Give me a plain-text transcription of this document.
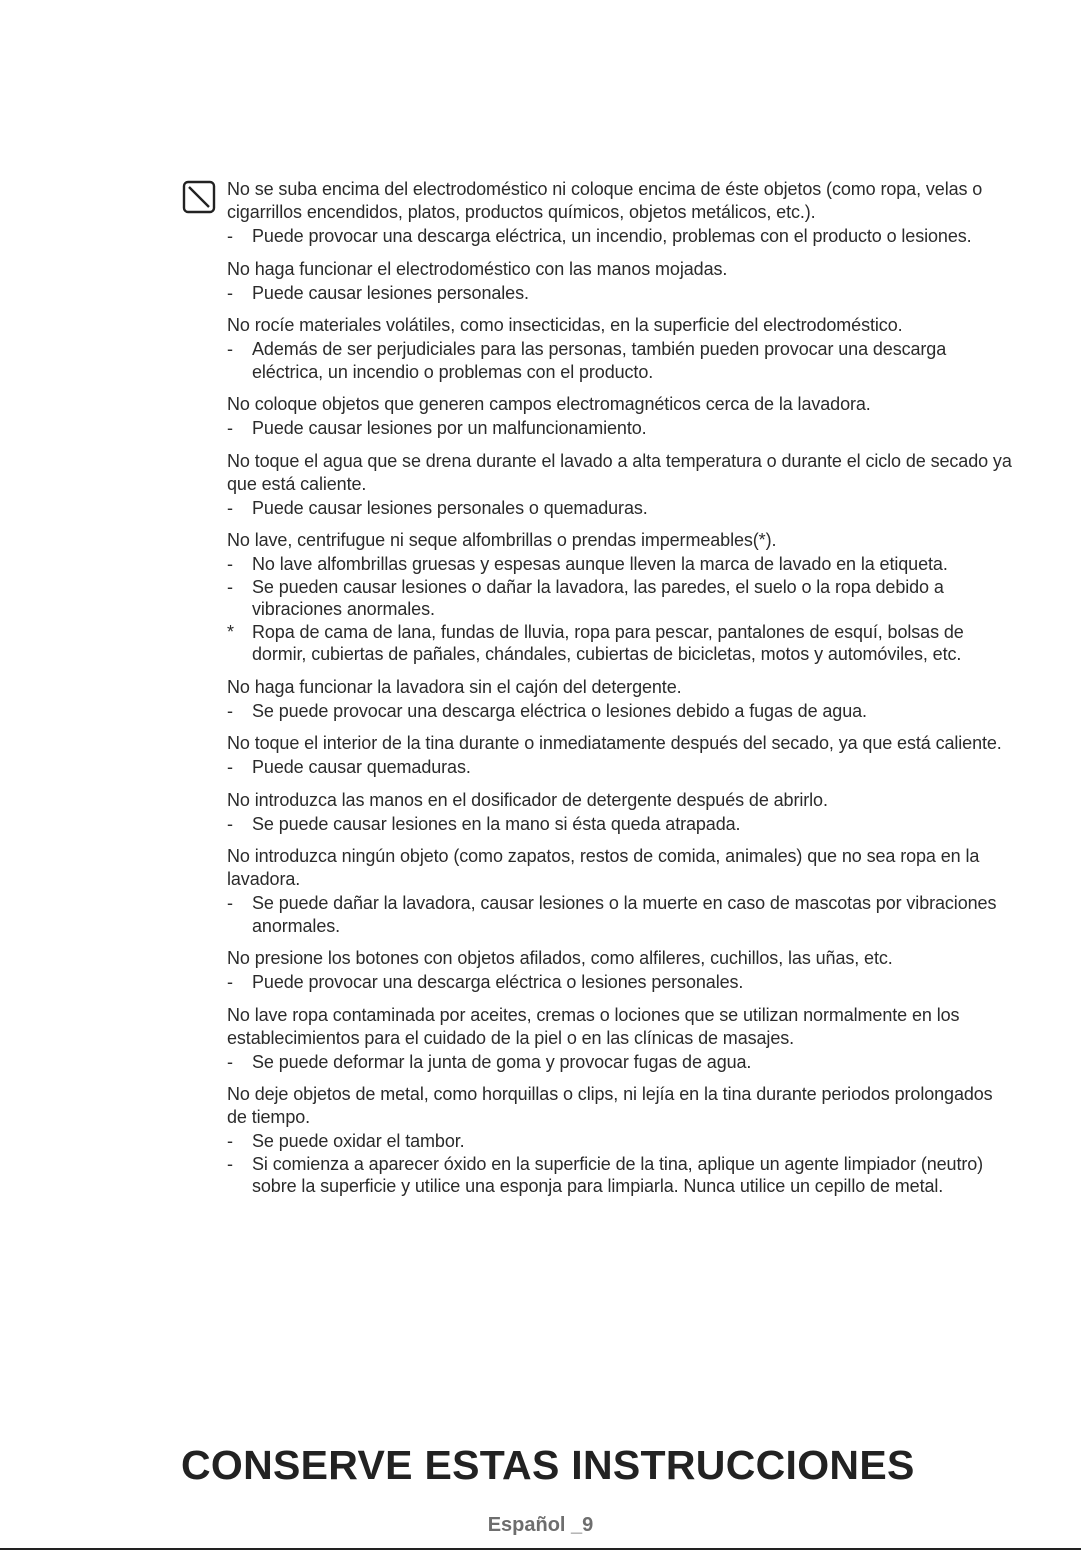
No se suba encima del electrodoméstico ni coloque encima de éste objetos (como ropa, velas o cigarrillos encendidos, platos, productos químicos, objetos metálicos, etc.).

-	Puede provocar una descarga eléctrica, un incendio, problemas con el producto o lesiones.

No haga funcionar el electrodoméstico con las manos mojadas.

-	Puede causar lesiones personales.

No rocíe materiales volátiles, como insecticidas, en la superficie del electrodoméstico.

-	Además de ser perjudiciales para las personas, también pueden provocar una descarga eléctrica, un incendio o problemas con el producto.

No coloque objetos que generen campos electromagnéticos cerca de la lavadora.

-	Puede causar lesiones por un malfuncionamiento.

No toque el agua que se drena durante el lavado a alta temperatura o durante el ciclo de secado ya que está caliente.

-	Puede causar lesiones personales o quemaduras.

No lave, centrifugue ni seque alfombrillas o prendas impermeables(*).

-	No lave alfombrillas gruesas y espesas aunque lleven la marca de lavado en la etiqueta.
-	Se pueden causar lesiones o dañar la lavadora, las paredes, el suelo o la ropa debido a vibraciones anormales.
*	Ropa de cama de lana, fundas de lluvia, ropa para pescar, pantalones de esquí, bolsas de dormir, cubiertas de pañales, chándales, cubiertas de bicicletas, motos y automóviles, etc.

No haga funcionar la lavadora sin el cajón del detergente.

-	Se puede provocar una descarga eléctrica o lesiones debido a fugas de agua.

No toque el interior de la tina durante o inmediatamente después del secado, ya que está caliente.

-	Puede causar quemaduras.

No introduzca las manos en el dosificador de detergente después de abrirlo.

-	Se puede causar lesiones en la mano si ésta queda atrapada.

No introduzca ningún objeto (como zapatos, restos de comida, animales) que no sea ropa en la lavadora.

-	Se puede dañar la lavadora, causar lesiones o la muerte en caso de mascotas por vibraciones anormales.

No presione los botones con objetos afilados, como alfileres, cuchillos, las uñas, etc.

-	Puede provocar una descarga eléctrica o lesiones personales.

No lave ropa contaminada por aceites, cremas o lociones que se utilizan normalmente en los establecimientos para el cuidado de la piel o en las clínicas de masajes.

-	Se puede deformar la junta de goma y provocar fugas de agua.

No deje objetos de metal, como horquillas o clips, ni lejía en la tina durante periodos prolongados de tiempo.

-	Se puede oxidar el tambor.
-	Si comienza a aparecer óxido en la superficie de la tina, aplique un agente limpiador (neutro) sobre la superficie y utilice una esponja para limpiarla. Nunca utilice un cepillo de metal.
CONSERVE ESTAS INSTRUCCIONES
Español _9
